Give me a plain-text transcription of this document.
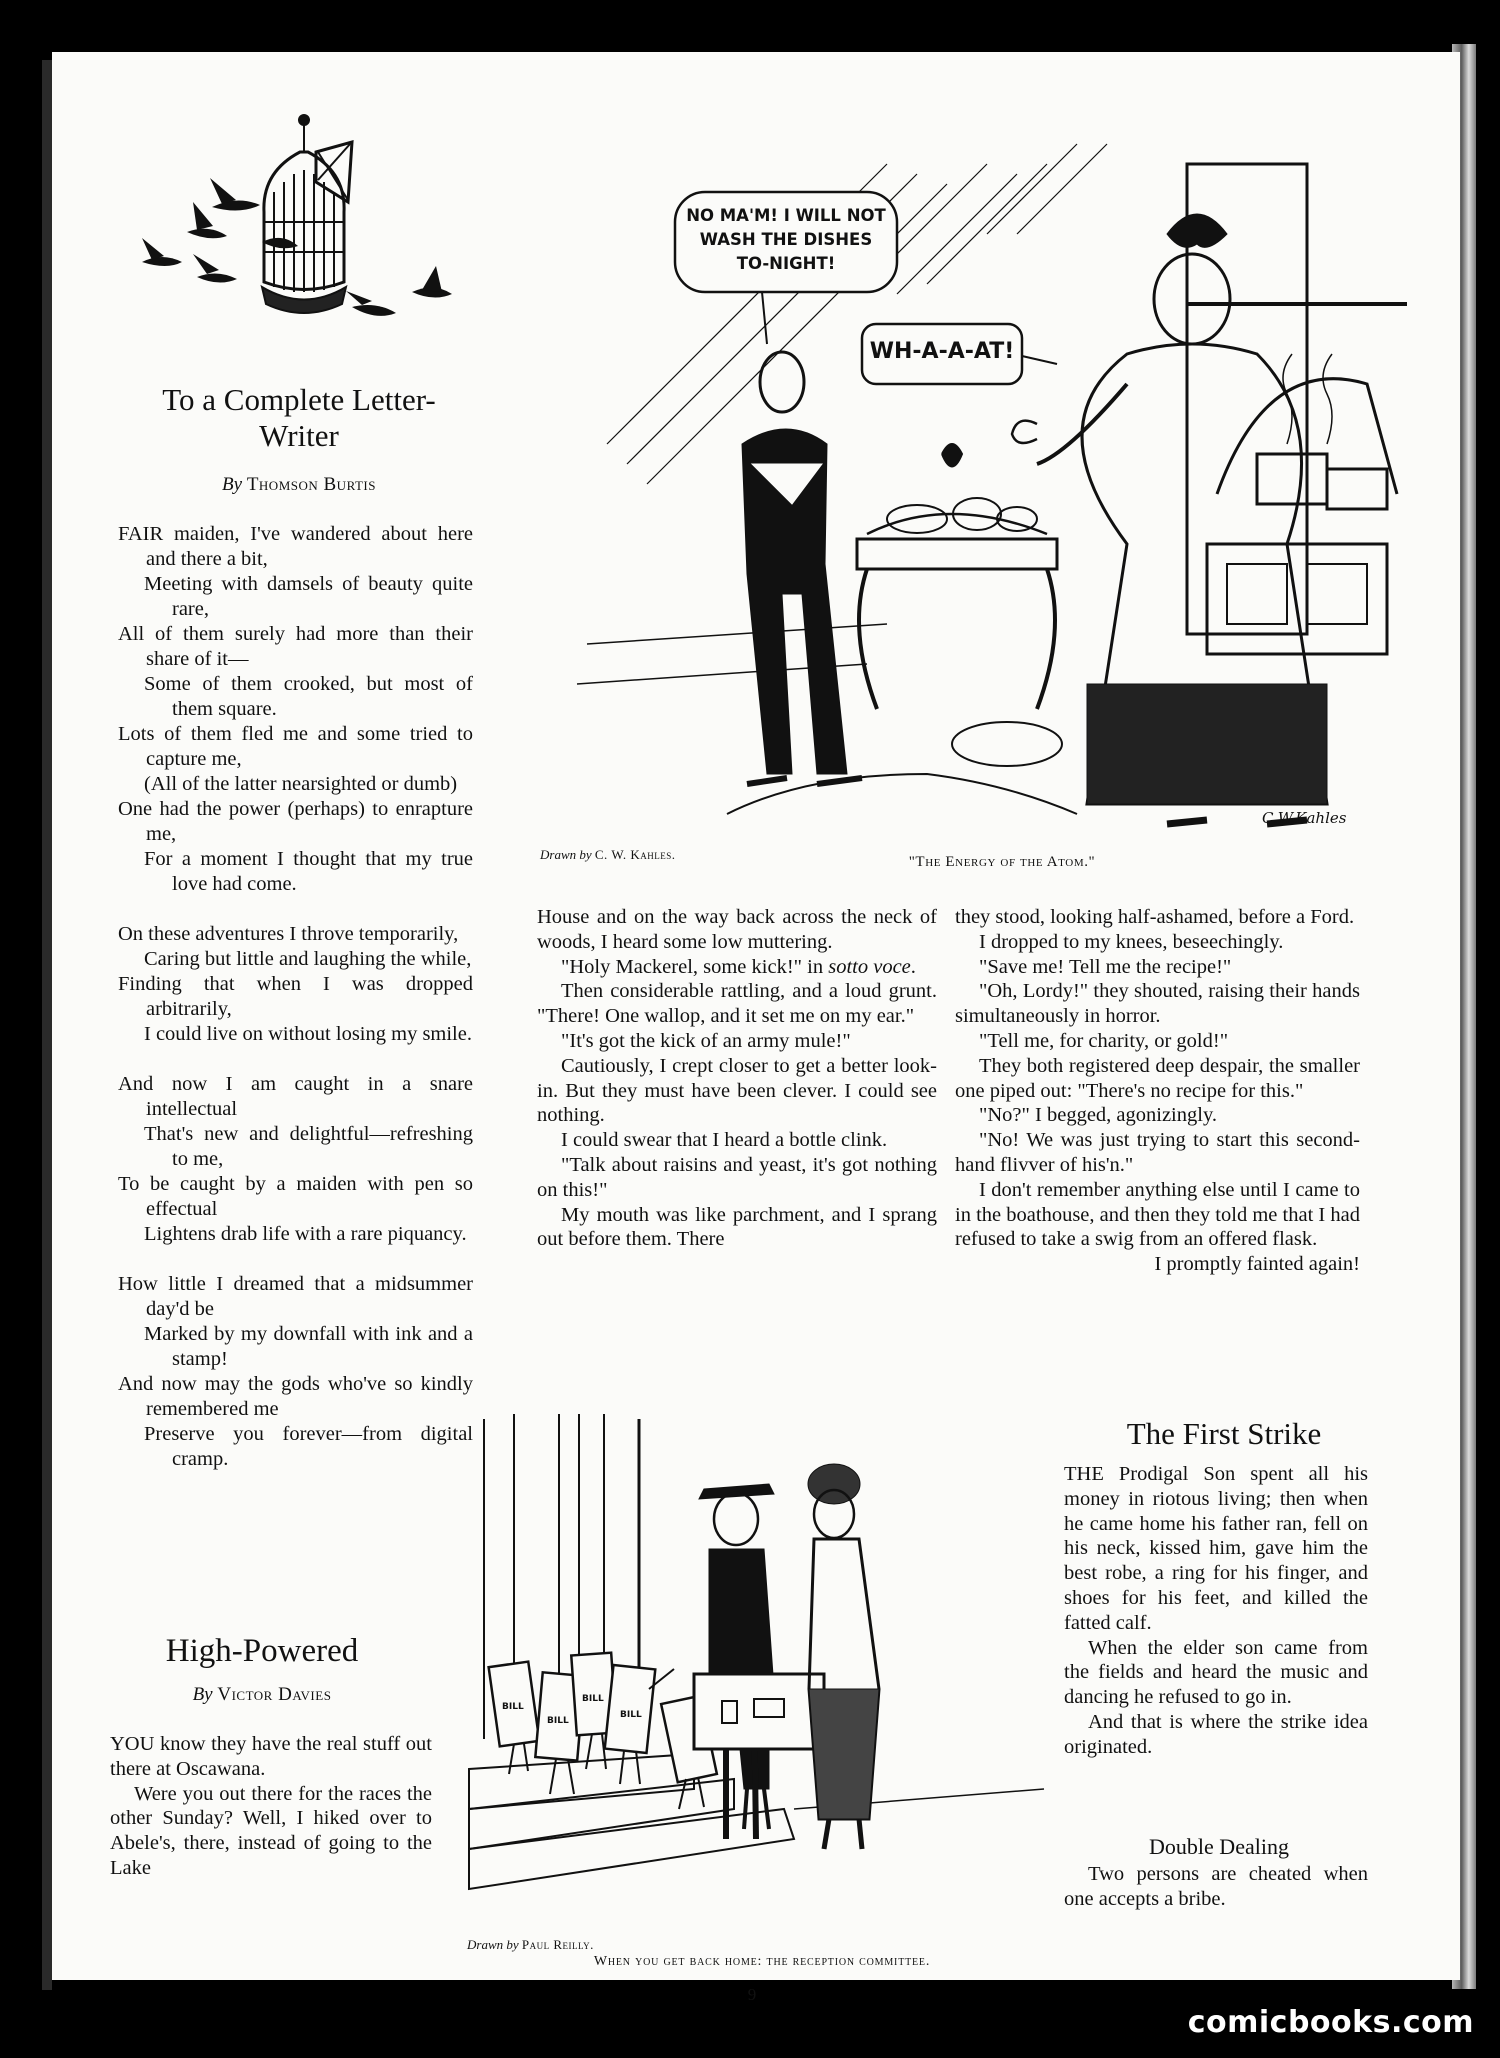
To a Complete Letter-Writer
By Thomson Burtis
FAIR maiden, I've wandered about here and there a bit,
Meeting with damsels of beauty quite rare,
All of them surely had more than their share of it—
Some of them crooked, but most of them square.
Lots of them fled me and some tried to capture me,
(All of the latter nearsighted or dumb)
One had the power (perhaps) to enrapture me,
For a moment I thought that my true love had come.
On these adventures I throve temporarily,
Caring but little and laughing the while,
Finding that when I was dropped arbitrarily,
I could live on without losing my smile.
And now I am caught in a snare intellectual
That's new and delightful—refreshing to me,
To be caught by a maiden with pen so effectual
Lightens drab life with a rare piquancy.
How little I dreamed that a midsummer day'd be
Marked by my downfall with ink and a stamp!
And now may the gods who've so kindly remembered me
Preserve you forever—from digital cramp.
NO MA'M! I WILL NOT
WASH THE DISHES
TO-NIGHT!
WH-A-A-AT!
C.W.Kahles
Drawn by C. W. Kahles.	"The Energy of the Atom."

House and on the way back across the neck of woods, I heard some low muttering.

"Holy Mackerel, some kick!" in sotto voce.

Then considerable rattling, and a loud grunt. "There! One wallop, and it set me on my ear."

"It's got the kick of an army mule!"

Cautiously, I crept closer to get a better look-in. But they must have been clever. I could see nothing.

I could swear that I heard a bottle clink.

"Talk about raisins and yeast, it's got nothing on this!"

My mouth was like parchment, and I sprang out before them. There

they stood, looking half-ashamed, before a Ford.

I dropped to my knees, beseechingly.

"Save me! Tell me the recipe!"

"Oh, Lordy!" they shouted, raising their hands simultaneously in horror.

"Tell me, for charity, or gold!"

They both registered deep despair, the smaller one piped out: "There's no recipe for this."

"No?" I begged, agonizingly.

"No! We was just trying to start this second-hand flivver of his'n."

I don't remember anything else until I came to in the boathouse, and then they told me that I had refused to take a swig from an offered flask.

I promptly fainted again!

High-Powered
By Victor Davies

YOU know they have the real stuff out there at Oscawana.

Were you out there for the races the other Sunday? Well, I hiked over to Abele's, there, instead of going to the Lake

BILL
BILL
BILL
BILL
Drawn by Paul Reilly.
When you get back home: the reception committee.
The First Strike

THE Prodigal Son spent all his money in riotous living; then when he came home his father ran, fell on his neck, kissed him, gave him the best robe, a ring for his finger, and shoes for his feet, and killed the fatted calf.

When the elder son came from the fields and heard the music and dancing he refused to go in.

And that is where the strike idea originated.

Double Dealing

Two persons are cheated when one accepts a bribe.

9
comicbooks.com
